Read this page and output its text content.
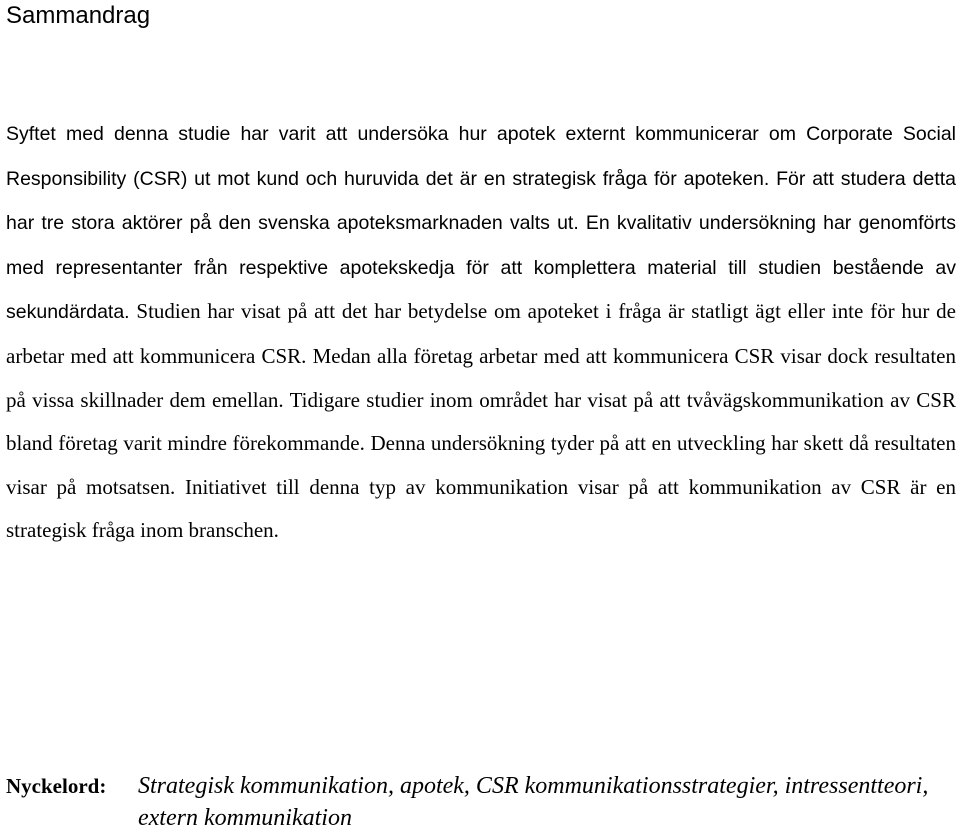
Sammandrag

Syftet med denna studie har varit att undersöka hur apotek externt kommunicerar om Corporate Social Responsibility (CSR) ut mot kund och huruvida det är en strategisk fråga för apoteken. För att studera detta har tre stora aktörer på den svenska apoteksmarknaden valts ut. En kvalitativ undersökning har genomförts med representanter från respektive apotekskedja för att komplettera material till studien bestående av sekundärdata. Studien har visat på att det har betydelse om apoteket i fråga är statligt ägt eller inte för hur de arbetar med att kommunicera CSR. Medan alla företag arbetar med att kommunicera CSR visar dock resultaten på vissa skillnader dem emellan. Tidigare studier inom området har visat på att tvåvägskommunikation av CSR bland företag varit mindre förekommande. Denna undersökning tyder på att en utveckling har skett då resultaten visar på motsatsen. Initiativet till denna typ av kommunikation visar på att kommunikation av CSR är en strategisk fråga inom branschen.

Nyckelord: Strategisk kommunikation, apotek, CSR kommunikationsstrategier, intressentteori, extern kommunikation
